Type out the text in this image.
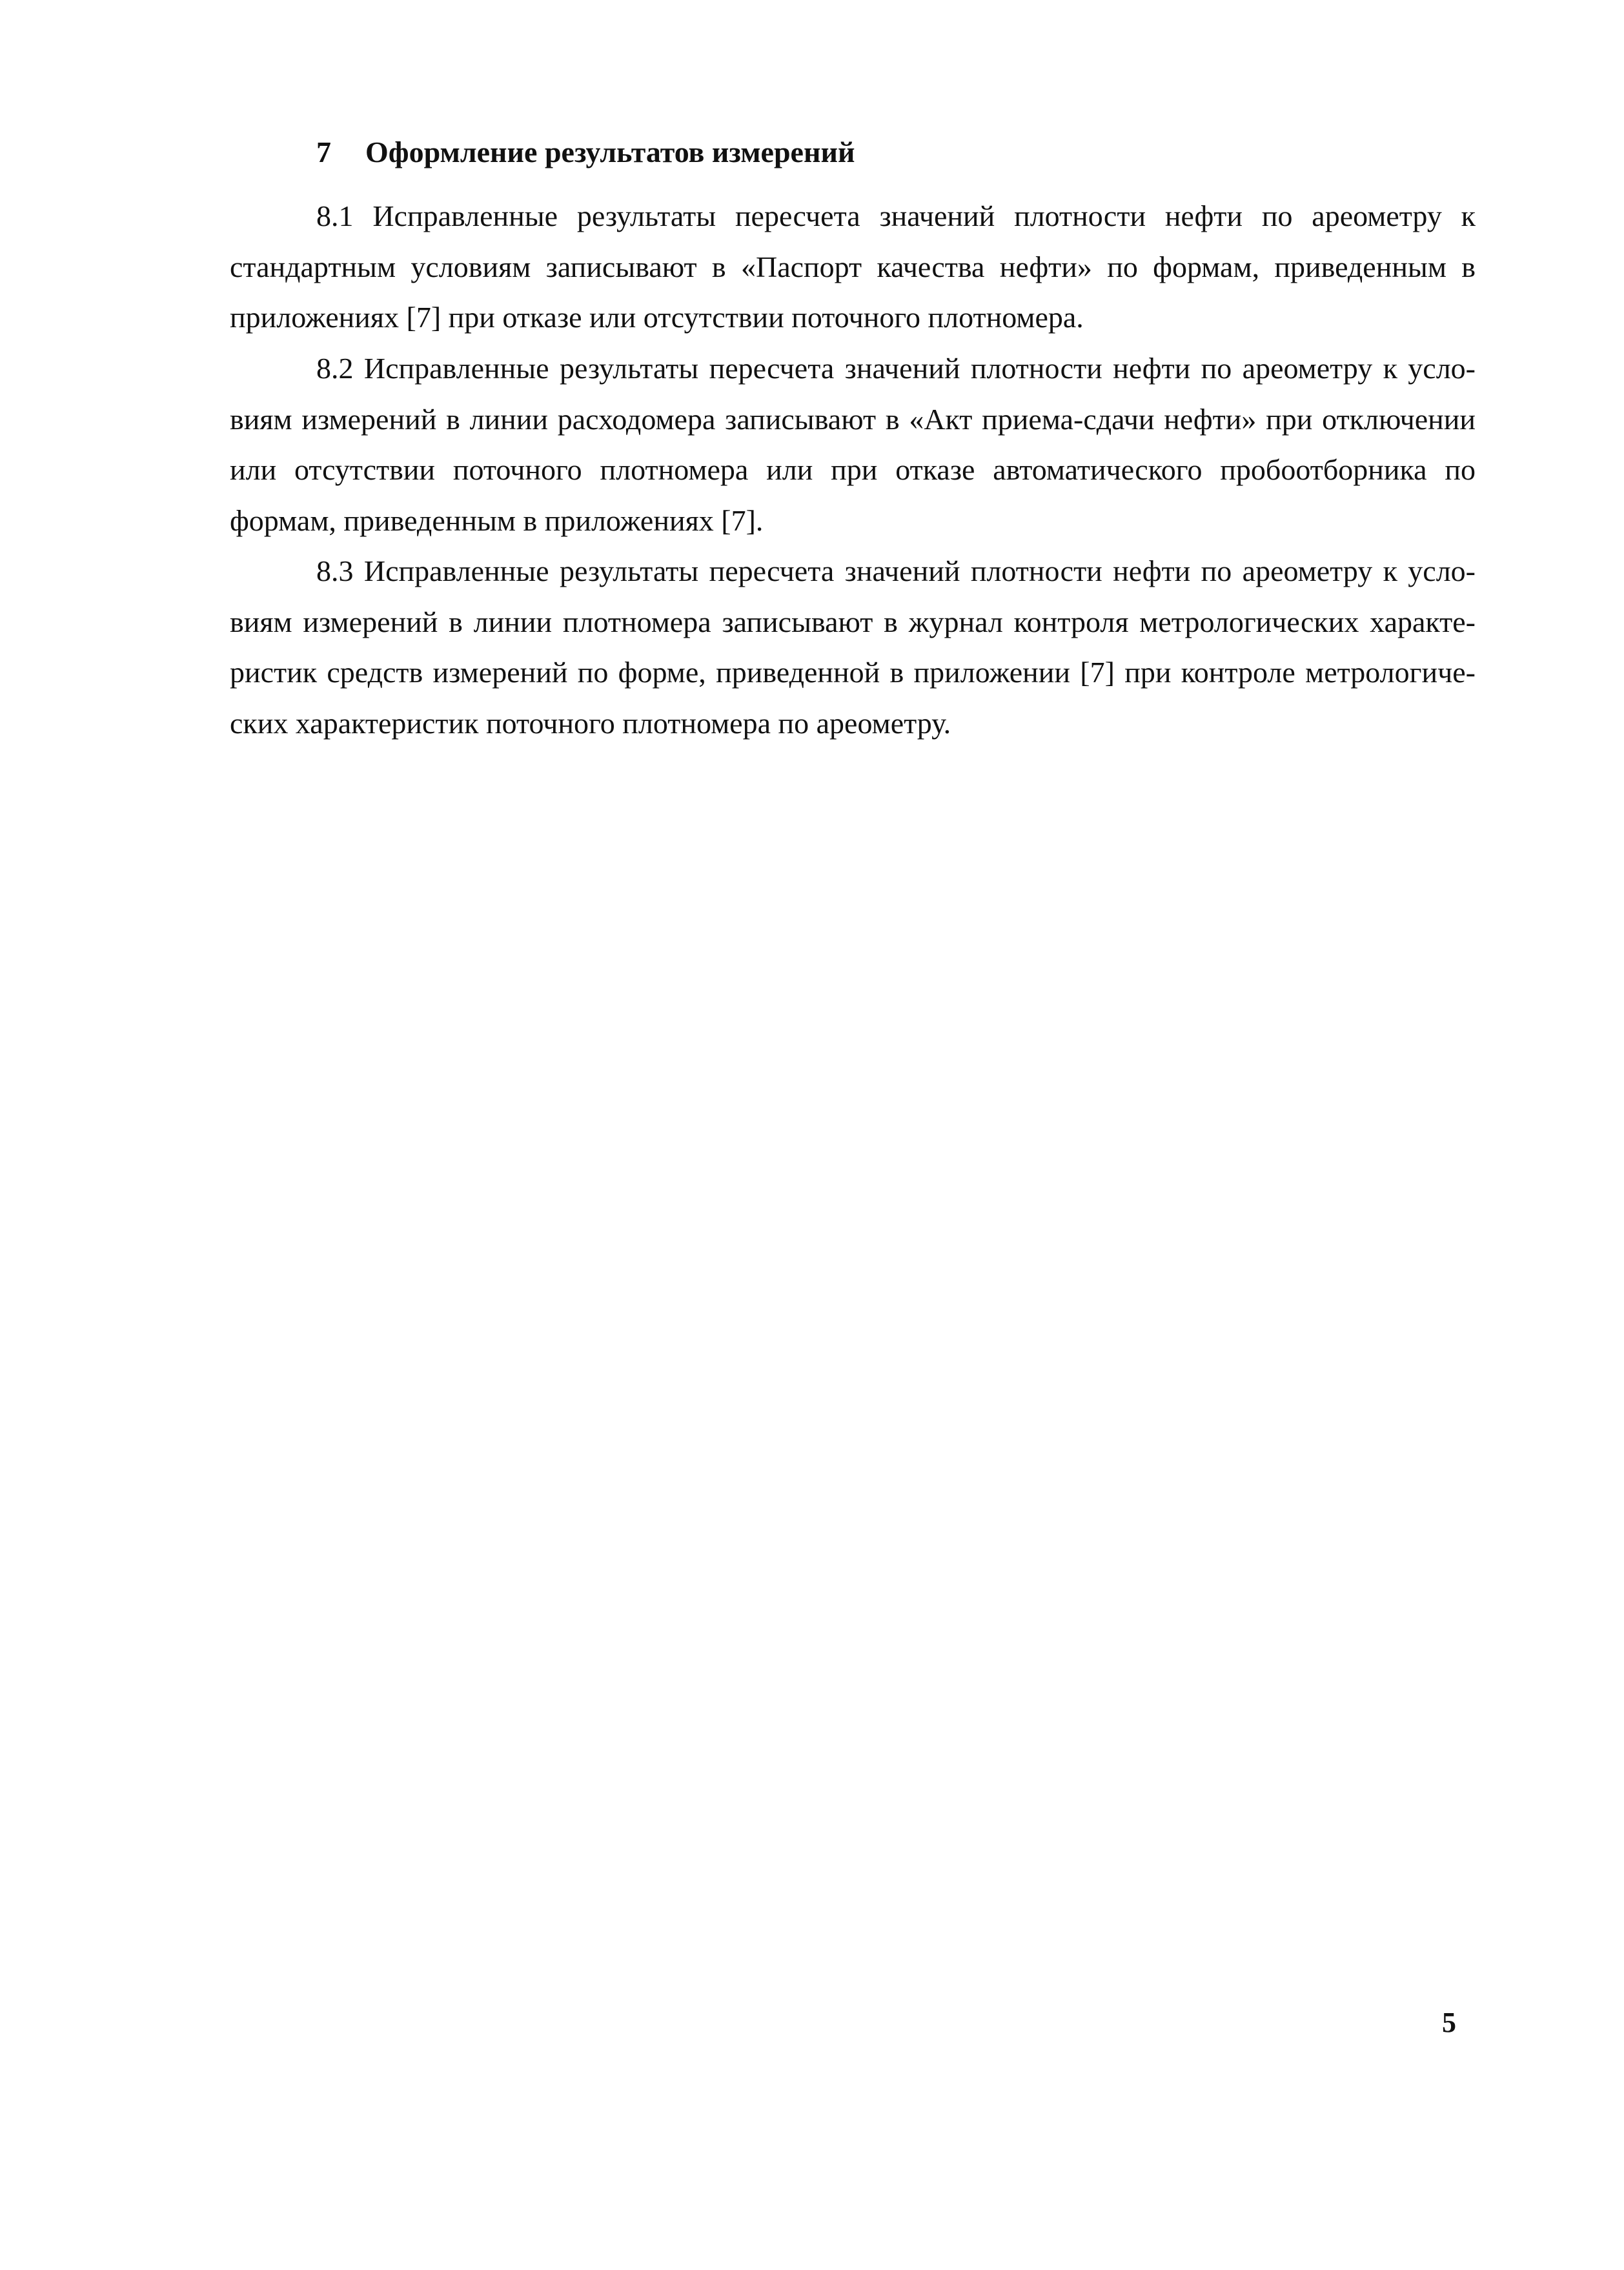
7 Оформление результатов измерений

8.1 Исправленные результаты пересчета значений плотности нефти по ареометру к стандартным условиям записывают в «Паспорт качества нефти» по формам, приведенным в приложениях [7] при отказе или отсутствии поточного плотномера.

8.2 Исправленные результаты пересчета значений плотности нефти по ареометру к условиям измерений в линии расходомера записывают в «Акт приема-сдачи нефти» при отключении или отсутствии поточного плотномера или при отказе автоматического пробоотборника по формам, приведенным в приложениях [7].

8.3 Исправленные результаты пересчета значений плотности нефти по ареометру к условиям измерений в линии плотномера записывают в журнал контроля метрологических характеристик средств измерений по форме, приведенной в приложении [7] при контроле метрологических характеристик поточного плотномера по ареометру.

5
